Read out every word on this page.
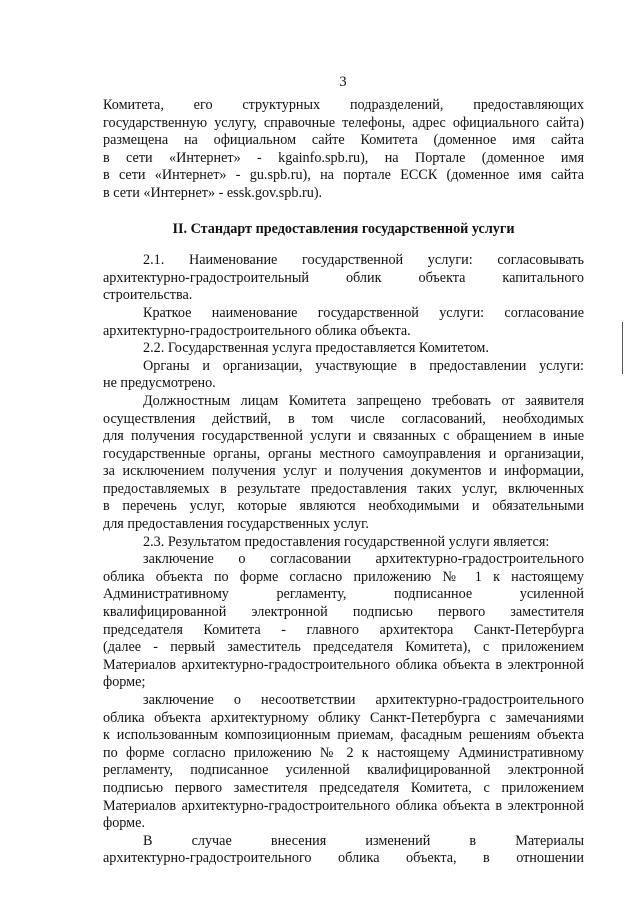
3

Комитета, его структурных подразделений, предоставляющих

государственную услугу, справочные телефоны, адрес официального сайта)

размещена на официальном сайте Комитета (доменное имя сайта

в сети «Интернет» - kgainfo.spb.ru), на Портале (доменное имя

в сети «Интернет» - gu.spb.ru), на портале ЕССК (доменное имя сайта

в сети «Интернет» - essk.gov.spb.ru).

II. Стандарт предоставления государственной услуги

2.1. Наименование государственной услуги: согласовывать

архитектурно-градостроительный облик объекта капитального

строительства.

Краткое наименование государственной услуги: согласование

архитектурно-градостроительного облика объекта.

2.2. Государственная услуга предоставляется Комитетом.

Органы и организации, участвующие в предоставлении услуги:

не предусмотрено.

Должностным лицам Комитета запрещено требовать от заявителя

осуществления действий, в том числе согласований, необходимых

для получения государственной услуги и связанных с обращением в иные

государственные органы, органы местного самоуправления и организации,

за исключением получения услуг и получения документов и информации,

предоставляемых в результате предоставления таких услуг, включенных

в перечень услуг, которые являются необходимыми и обязательными

для предоставления государственных услуг.

2.3. Результатом предоставления государственной услуги является:

заключение о согласовании архитектурно-градостроительного

облика объекта по форме согласно приложению № 1 к настоящему

Административному регламенту, подписанное усиленной

квалифицированной электронной подписью первого заместителя

председателя Комитета - главного архитектора Санкт-Петербурга

(далее - первый заместитель председателя Комитета), с приложением

Материалов архитектурно-градостроительного облика объекта в электронной

форме;

заключение о несоответствии архитектурно-градостроительного

облика объекта архитектурному облику Санкт-Петербурга с замечаниями

к использованным композиционным приемам, фасадным решениям объекта

по форме согласно приложению № 2 к настоящему Административному

регламенту, подписанное усиленной квалифицированной электронной

подписью первого заместителя председателя Комитета, с приложением

Материалов архитектурно-градостроительного облика объекта в электронной

форме.

В случае внесения изменений в Материалы

архитектурно-градостроительного облика объекта, в отношении
